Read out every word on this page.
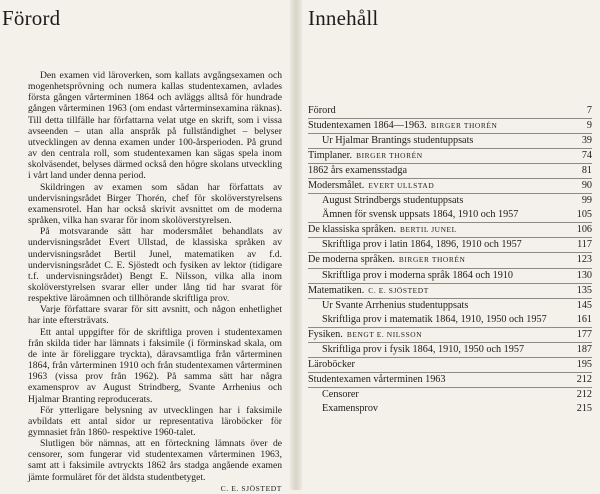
Förord

Den examen vid läroverken, som kallats avgångsexamen och mogenhetsprövning och numera kallas studentexamen, avlades första gången vårterminen 1864 och avläggs alltså för hundrade gången vårterminen 1963 (om endast vårterminsexamina räknas). Till detta tillfälle har författarna velat utge en skrift, som i vissa avseenden – utan alla anspråk på fullständighet – belyser utvecklingen av denna examen under 100-årsperioden. På grund av den centrala roll, som studentexamen kan sägas spela inom skolväsendet, belyses därmed också den högre skolans utveckling i vårt land under denna period.

Skildringen av examen som sådan har författats av undervisningsrådet Birger Thorén, chef för skolöverstyrelsens examensrotel. Han har också skrivit avsnittet om de moderna språken, vilka han svarar för inom skolöverstyrelsen.

På motsvarande sätt har modersmålet behandlats av undervisningsrådet Evert Ullstad, de klassiska språken av undervisningsrådet Bertil Junel, matematiken av f.d. undervisningsrådet C. E. Sjöstedt och fysiken av lektor (tidigare t.f. undervisningsrådet) Bengt E. Nilsson, vilka alla inom skolöverstyrelsen svarar eller under lång tid har svarat för respektive läroämnen och tillhörande skriftliga prov.

Varje författare svarar för sitt avsnitt, och någon enhetlighet har inte eftersträvats.

Ett antal uppgifter för de skriftliga proven i studentexamen från skilda tider har lämnats i faksimile (i förminskad skala, om de inte är föreliggare tryckta), däravsamtliga från vårterminen 1864, från vårterminen 1910 och från studentexamen vårterminen 1963 (vissa prov från 1962). På samma sätt har några examensprov av August Strindberg, Svante Arrhenius och Hjalmar Branting reproducerats.

För ytterligare belysning av utvecklingen har i faksimile avbildats ett antal sidor ur representativa läroböcker för gymnasiet från 1860- respektive 1960-talet.

Slutligen bör nämnas, att en förteckning lämnats över de censorer, som fungerar vid studentexamen vårterminen 1963, samt att i faksimile avtryckts 1862 års stadga angående examen jämte formuläret för det äldsta studentbetyget.

C. E. SJÖSTEDT
Innehåll
Förord	7
Studentexamen 1864—1963. BIRGER THORÉN	9
Ur Hjalmar Brantings studentuppsats	39
Timplaner. BIRGER THORÉN	74
1862 års examensstadga	81
Modersmålet. EVERT ULLSTAD	90
August Strindbergs studentuppsats	99
Ämnen för svensk uppsats 1864, 1910 och 1957	105
De klassiska språken. BERTIL JUNEL	106
Skriftliga prov i latin 1864, 1896, 1910 och 1957	117
De moderna språken. BIRGER THORÉN	123
Skriftliga prov i moderna språk 1864 och 1910	130
Matematiken. C. E. SJÖSTEDT	135
Ur Svante Arrhenius studentuppsats	145
Skriftliga prov i matematik 1864, 1910, 1950 och 1957	161
Fysiken. BENGT E. NILSSON	177
Skriftliga prov i fysik 1864, 1910, 1950 och 1957	187
Läroböcker	195
Studentexamen vårterminen 1963	212
Censorer	212
Examensprov	215
